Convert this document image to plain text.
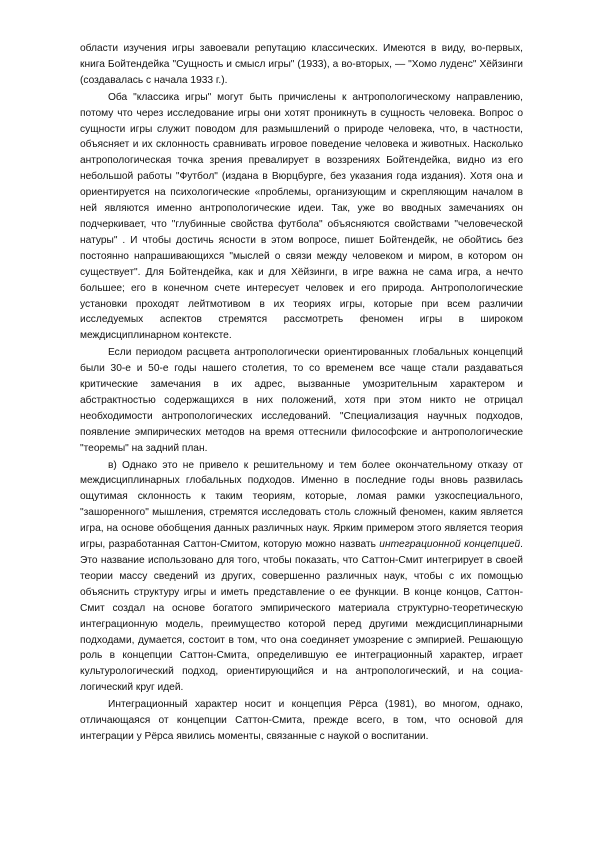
области изучения игры завоевали репутацию классических. Имеются в виду, во-первых, книга Бойтендейка "Сущность и смысл игры" (1933), а во-вторых, — "Хомо луденс" Хёйзинги (создавалась с начала 1933 г.).

Оба "классика игры" могут быть причислены к антропологическому направлению, потому что через исследование игры они хотят проникнуть в сущность человека. Вопрос о сущности игры служит поводом для размышлений о природе человека, что, в частности, объясняет и их склонность сравнивать игровое поведение человека и животных. Насколько антропологическая точка зрения превалирует в воззрениях Бойтендейка, видно из его небольшой работы "Футбол" (издана в Вюрцбурге, без указания года издания). Хотя она и ориентируется на психологические «проблемы, организующим и скрепляющим началом в ней являются именно антропологические идеи. Так, уже во вводных замечаниях он подчеркивает, что "глубинные свойства футбола" объясняются свойствами "человеческой натуры" . И чтобы достичь ясности в этом вопросе, пишет Бойтендейк, не обойтись без постоянно напрашивающихся "мыслей о связи между человеком и миром, в котором он существует". Для Бойтендейка, как и для Хёйзинги, в игре важна не сама игра, а нечто большее; его в конечном счете интересует человек и его природа. Антропологические установки проходят лейтмотивом в их теориях игры, которые при всем различии исследуемых аспектов стремятся рассмотреть феномен игры в широком междисциплинарном контексте.

Если периодом расцвета антропологически ориентированных глобальных концепций были 30-е и 50-е годы нашего столетия, то со временем все чаще стали раздаваться критические замечания в их адрес, вызванные умозрительным характером и абстрактностью содержащихся в них положений, хотя при этом никто не отрицал необходимости антропологических исследований. "Специализация научных подходов, появление эмпирических методов на время оттеснили философские и антропологические "теоремы" на задний план.

в) Однако это не привело к решительному и тем более окончательному отказу от междисциплинарных глобальных подходов. Именно в последние годы вновь развилась ощутимая склонность к таким теориям, которые, ломая рамки узкоспециального, "зашоренного" мышления, стремятся исследовать столь сложный феномен, каким является игра, на основе обобщения данных различных наук. Ярким примером этого является теория игры, разработанная Саттон-Смитом, которую можно назвать интеграционной концепцией. Это название использовано для того, чтобы показать, что Саттон-Смит интегрирует в своей теории массу сведений из других, совершенно различных наук, чтобы с их помощью объяснить структуру игры и иметь представление о ее функции. В конце концов, Саттон-Смит создал на основе богатого эмпирического материала структурно-теоретическую интеграционную модель, преимущество которой перед другими междисциплинарными подходами, думается, состоит в том, что она соединяет умозрение с эмпирией. Решающую роль в концепции Саттон-Смита, определившую ее интеграционный характер, играет культурологический подход, ориентирующийся и на антропологический, и на социа-логический круг идей.

Интеграционный характер носит и концепция Рёрса (1981), во многом, однако, отличающаяся от концепции Саттон-Смита, прежде всего, в том, что основой для интеграции у Рёрса явились моменты, связанные с наукой о воспитании.
